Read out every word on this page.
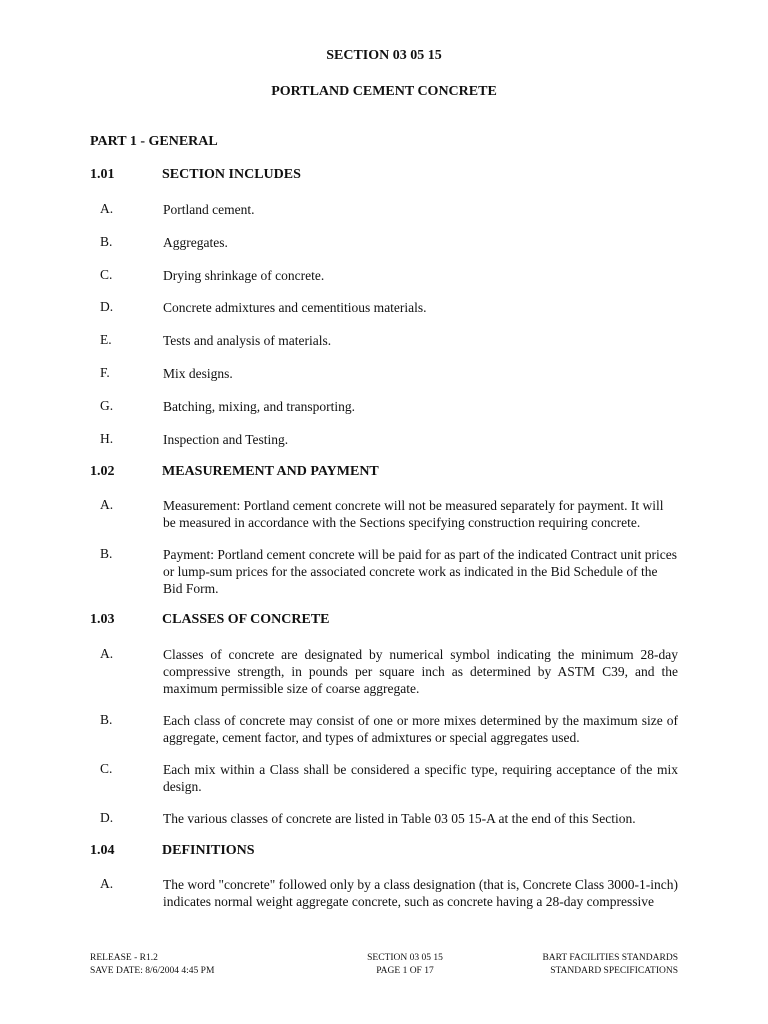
SECTION 03 05 15
PORTLAND CEMENT CONCRETE
PART 1 - GENERAL
1.01	SECTION INCLUDES
A.	Portland cement.
B.	Aggregates.
C.	Drying shrinkage of concrete.
D.	Concrete admixtures and cementitious materials.
E.	Tests and analysis of materials.
F.	Mix designs.
G.	Batching, mixing, and transporting.
H.	Inspection and Testing.
1.02	MEASUREMENT AND PAYMENT
A.	Measurement: Portland cement concrete will not be measured separately for payment. It will be measured in accordance with the Sections specifying construction requiring concrete.
B.	Payment: Portland cement concrete will be paid for as part of the indicated Contract unit prices or lump-sum prices for the associated concrete work as indicated in the Bid Schedule of the Bid Form.
1.03	CLASSES OF CONCRETE
A.	Classes of concrete are designated by numerical symbol indicating the minimum 28-day compressive strength, in pounds per square inch as determined by ASTM C39, and the maximum permissible size of coarse aggregate.
B.	Each class of concrete may consist of one or more mixes determined by the maximum size of aggregate, cement factor, and types of admixtures or special aggregates used.
C.	Each mix within a Class shall be considered a specific type, requiring acceptance of the mix design.
D.	The various classes of concrete are listed in Table 03 05 15-A at the end of this Section.
1.04	DEFINITIONS
A.	The word "concrete" followed only by a class designation (that is, Concrete Class 3000-1-inch) indicates normal weight aggregate concrete, such as concrete having a 28-day compressive
RELEASE - R1.2
SAVE DATE: 8/6/2004 4:45 PM
SECTION 03 05 15
PAGE 1 OF 17
BART FACILITIES STANDARDS
STANDARD SPECIFICATIONS
